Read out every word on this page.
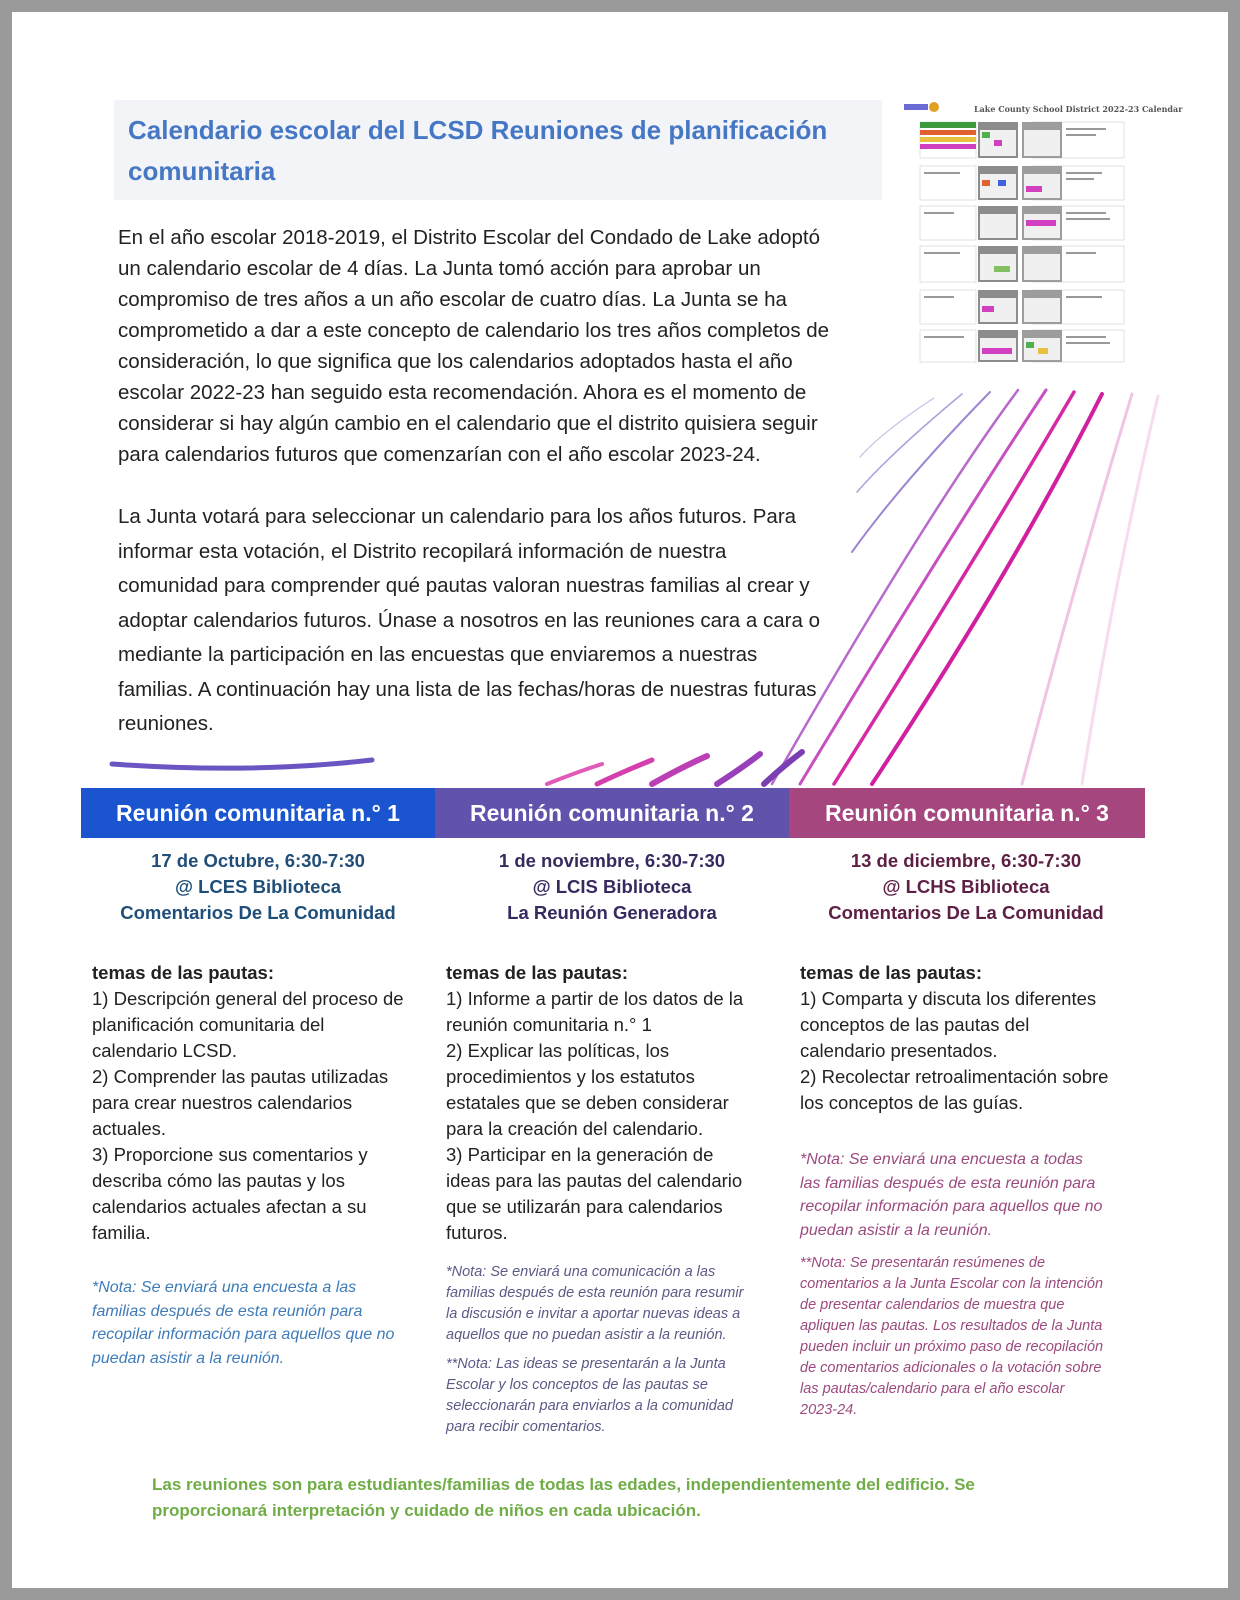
Calendario escolar del LCSD Reuniones de planificación comunitaria
Lake County School District 2022-23 Calendar
En el año escolar 2018-2019, el Distrito Escolar del Condado de Lake adoptó
un calendario escolar de 4 días. La Junta tomó acción para aprobar un
compromiso de tres años a un año escolar de cuatro días. La Junta se ha
comprometido a dar a este concepto de calendario los tres años completos de
consideración, lo que significa que los calendarios adoptados hasta el año
escolar 2022-23 han seguido esta recomendación. Ahora es el momento de
considerar si hay algún cambio en el calendario que el distrito quisiera seguir
para calendarios futuros que comenzarían con el año escolar 2023-24.
La Junta votará para seleccionar un calendario para los años futuros. Para
informar esta votación, el Distrito recopilará información de nuestra
comunidad para comprender qué pautas valoran nuestras familias al crear y
adoptar calendarios futuros. Únase a nosotros en las reuniones cara a cara o
mediante la participación en las encuestas que enviaremos a nuestras
familias. A continuación hay una lista de las fechas/horas de nuestras futuras
reuniones.
Reunión comunitaria n.° 1	Reunión comunitaria n.° 2	Reunión comunitaria n.° 3
17 de Octubre, 6:30-7:30
@ LCES Biblioteca
Comentarios De La Comunidad
1 de noviembre, 6:30-7:30
@ LCIS Biblioteca
La Reunión Generadora
13 de diciembre, 6:30-7:30
@ LCHS Biblioteca
Comentarios De La Comunidad
temas de las pautas:
1) Descripción general del proceso de
planificación comunitaria del
calendario LCSD.
2) Comprender las pautas utilizadas
para crear nuestros calendarios
actuales.
3) Proporcione sus comentarios y
describa cómo las pautas y los
calendarios actuales afectan a su
familia.
temas de las pautas:
1) Informe a partir de los datos de la
reunión comunitaria n.° 1
2) Explicar las políticas, los
procedimientos y los estatutos
estatales que se deben considerar
para la creación del calendario.
3) Participar en la generación de
ideas para las pautas del calendario
que se utilizarán para calendarios
futuros.
temas de las pautas:
1) Comparta y discuta los diferentes
conceptos de las pautas del
calendario presentados.
2) Recolectar retroalimentación sobre
los conceptos de las guías.
*Nota: Se enviará una encuesta a las
familias después de esta reunión para
recopilar información para aquellos que no
puedan asistir a la reunión.
*Nota: Se enviará una comunicación a las
familias después de esta reunión para resumir
la discusión e invitar a aportar nuevas ideas a
aquellos que no puedan asistir a la reunión.
**Nota: Las ideas se presentarán a la Junta
Escolar y los conceptos de las pautas se
seleccionarán para enviarlos a la comunidad
para recibir comentarios.
*Nota: Se enviará una encuesta a todas
las familias después de esta reunión para
recopilar información para aquellos que no
puedan asistir a la reunión.
**Nota: Se presentarán resúmenes de
comentarios a la Junta Escolar con la intención
de presentar calendarios de muestra que
apliquen las pautas. Los resultados de la Junta
pueden incluir un próximo paso de recopilación
de comentarios adicionales o la votación sobre
las pautas/calendario para el año escolar
2023-24.
Las reuniones son para estudiantes/familias de todas las edades, independientemente del edificio. Se
proporcionará interpretación y cuidado de niños en cada ubicación.
